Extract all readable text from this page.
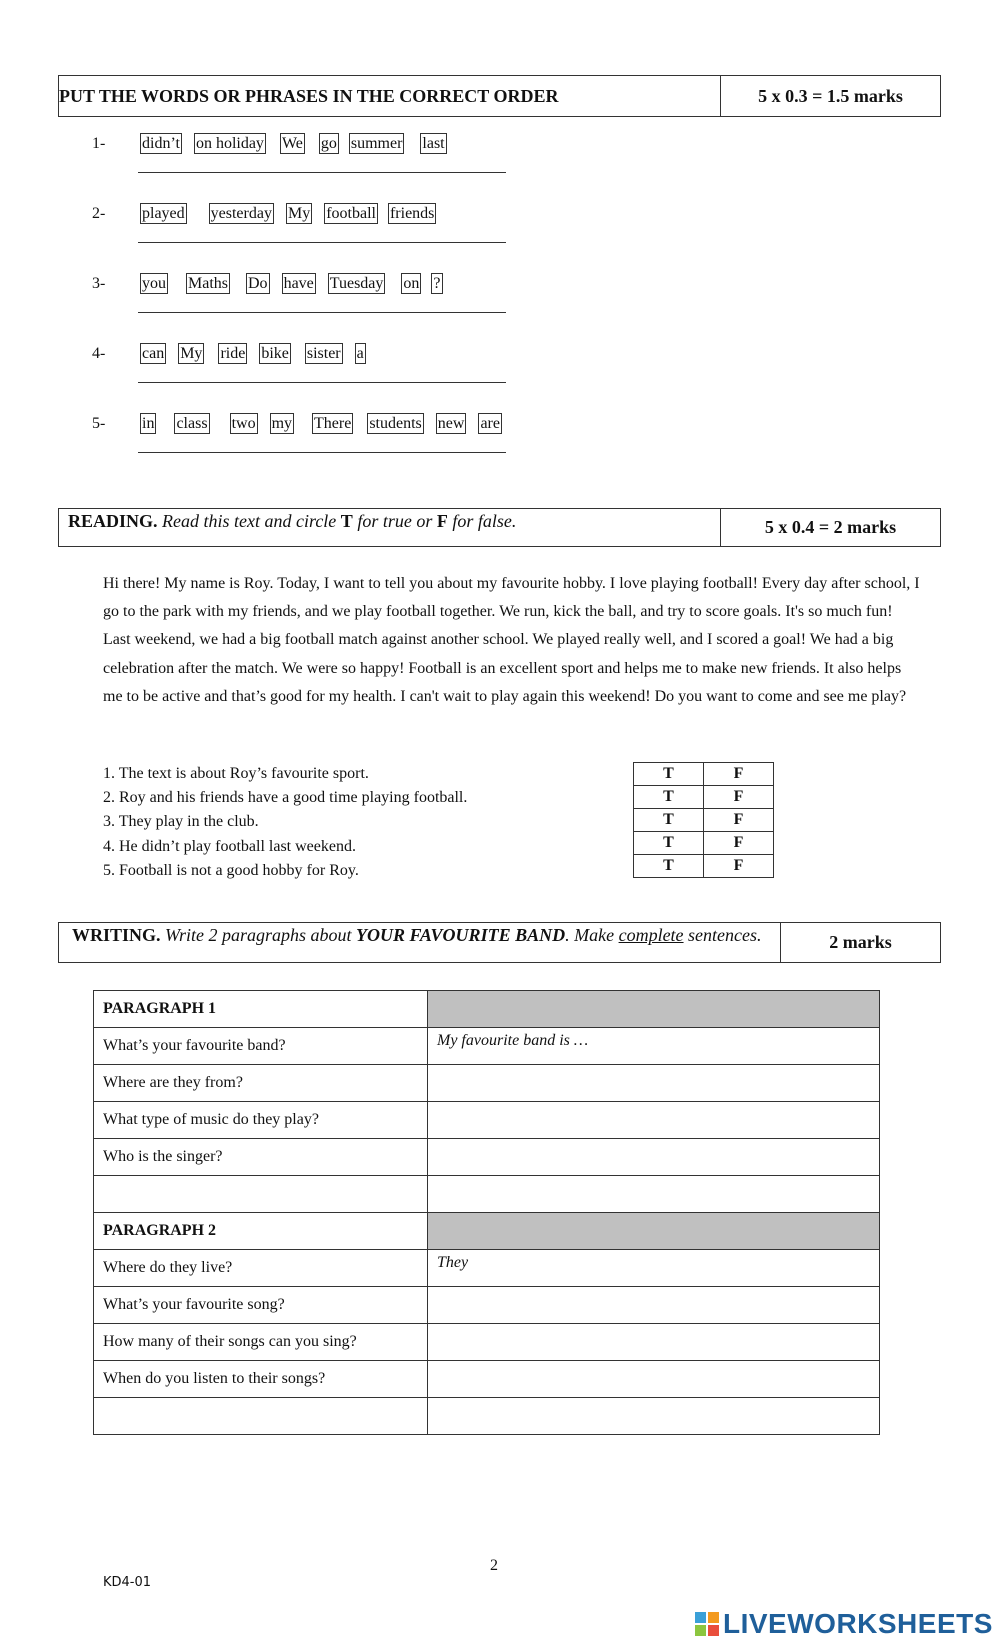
PUT THE WORDS OR PHRASES IN THE CORRECT ORDER	5 x 0.3 = 1.5 marks
1- didn’t on holiday We go summer last
2- played yesterday My football friends
3- you Maths Do have Tuesday on ?
4- can My ride bike sister a
5- in class two my There students new are
READING. Read this text and circle T for true or F for false.	5 x 0.4 = 2 marks
Hi there! My name is Roy. Today, I want to tell you about my favourite hobby. I love playing football! Every day after school, I go to the park with my friends, and we play football together. We run, kick the ball, and try to score goals. It's so much fun! Last weekend, we had a big football match against another school. We played really well, and I scored a goal! We had a big celebration after the match. We were so happy! Football is an excellent sport and helps me to make new friends. It also helps me to be active and that’s good for my health. I can't wait to play again this weekend! Do you want to come and see me play?
1. The text is about Roy’s favourite sport.
2. Roy and his friends have a good time playing football.
3. They play in the club.
4. He didn’t play football last weekend.
5. Football is not a good hobby for Roy.
T	F
T	F
T	F
T	F
T	F
WRITING. Write 2 paragraphs about YOUR FAVOURITE BAND. Make complete sentences.	2 marks
PARAGRAPH 1	
What’s your favourite band?	My favourite band is …
Where are they from?	
What type of music do they play?	
Who is the singer?	

PARAGRAPH 2	
Where do they live?	They
What’s your favourite song?	
How many of their songs can you sing?	
When do you listen to their songs?	

2
KD4-01
LIVEWORKSHEETS
